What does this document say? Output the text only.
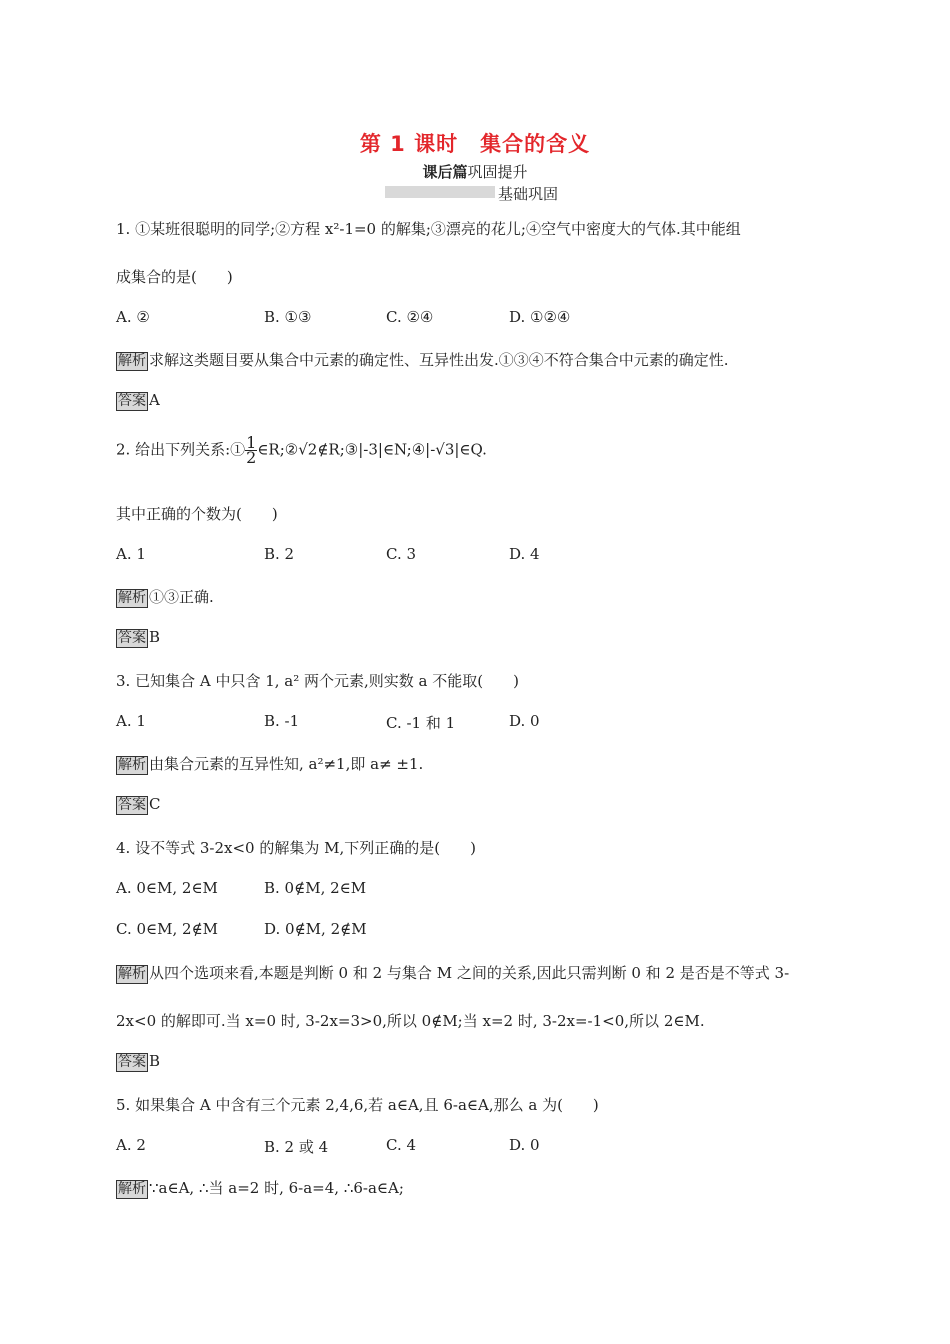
第 1 课时　集合的含义
课后篇巩固提升
基础巩固
1. ①某班很聪明的同学;②方程 x²-1=0 的解集;③漂亮的花儿;④空气中密度大的气体.其中能组
成集合的是(　　)
A. ②	B. ①③	C. ②④	D. ①②④
解析 求解这类题目要从集合中元素的确定性、互异性出发.①③④不符合集合中元素的确定性.
答案 A
2. 给出下列关系:① $\frac{1}{2}$ ∈R;②√2∉R;③|-3|∈N;④|-√3|∈Q.
其中正确的个数为(　　)
A. 1	B. 2	C. 3	D. 4
解析 ①③正确.
答案 B
3. 已知集合 A 中只含 1, a² 两个元素,则实数 a 不能取(　　)
A. 1	B. -1	C. -1 和 1	D. 0
解析 由集合元素的互异性知, a²≠1,即 a≠ ±1.
答案 C
4. 设不等式 3-2x<0 的解集为 M,下列正确的是(　　)
A. 0∈M, 2∈M	B. 0∉M, 2∈M
C. 0∈M, 2∉M	D. 0∉M, 2∉M
解析 从四个选项来看,本题是判断 0 和 2 与集合 M 之间的关系,因此只需判断 0 和 2 是否是不等式 3-
2x<0 的解即可.当 x=0 时, 3-2x=3>0,所以 0∉M;当 x=2 时, 3-2x=-1<0,所以 2∈M.
答案 B
5. 如果集合 A 中含有三个元素 2,4,6,若 a∈A,且 6-a∈A,那么 a 为(　　)
A. 2	B. 2 或 4	C. 4	D. 0
解析 ∵a∈A, ∴当 a=2 时, 6-a=4, ∴6-a∈A;
